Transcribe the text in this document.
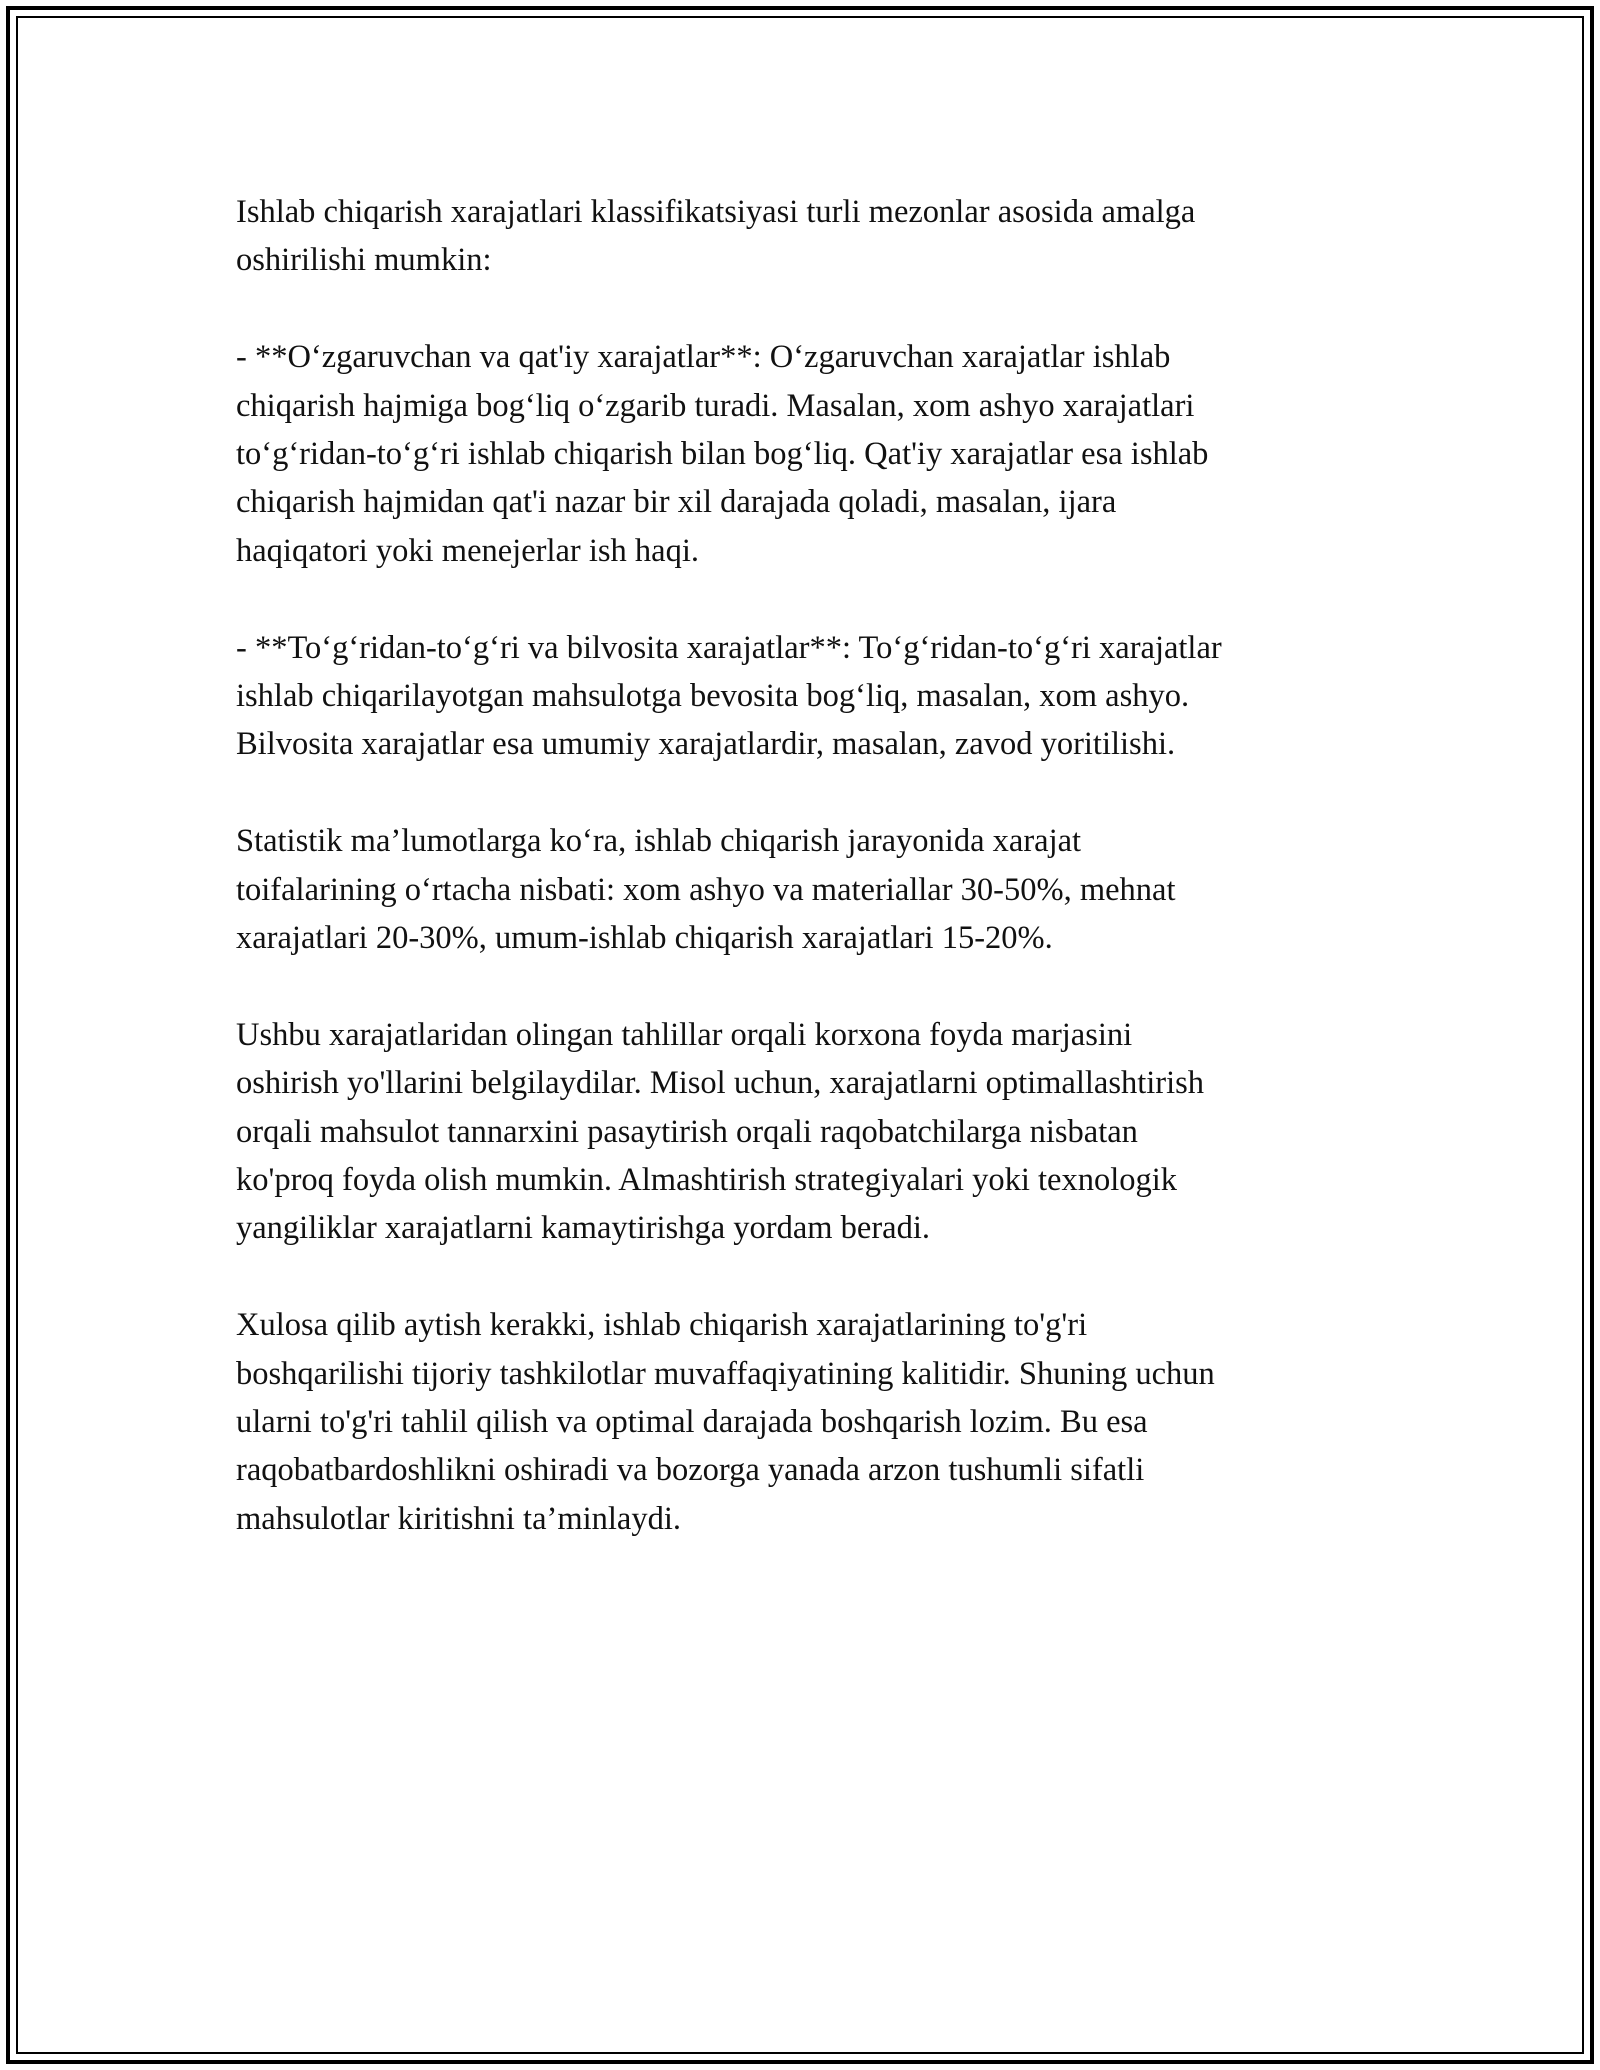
Ishlab chiqarish xarajatlari klassifikatsiyasi turli mezonlar asosida amalga
oshirilishi mumkin:

- **O‘zgaruvchan va qat'iy xarajatlar**: O‘zgaruvchan xarajatlar ishlab
chiqarish hajmiga bog‘liq o‘zgarib turadi. Masalan, xom ashyo xarajatlari
to‘g‘ridan-to‘g‘ri ishlab chiqarish bilan bog‘liq. Qat'iy xarajatlar esa ishlab
chiqarish hajmidan qat'i nazar bir xil darajada qoladi, masalan, ijara
haqiqatori yoki menejerlar ish haqi.

- **To‘g‘ridan-to‘g‘ri va bilvosita xarajatlar**: To‘g‘ridan-to‘g‘ri xarajatlar
ishlab chiqarilayotgan mahsulotga bevosita bog‘liq, masalan, xom ashyo.
Bilvosita xarajatlar esa umumiy xarajatlardir, masalan, zavod yoritilishi.

Statistik ma’lumotlarga ko‘ra, ishlab chiqarish jarayonida xarajat
toifalarining o‘rtacha nisbati: xom ashyo va materiallar 30-50%, mehnat
xarajatlari 20-30%, umum-ishlab chiqarish xarajatlari 15-20%.

Ushbu xarajatlaridan olingan tahlillar orqali korxona foyda marjasini
oshirish yo'llarini belgilaydilar. Misol uchun, xarajatlarni optimallashtirish
orqali mahsulot tannarxini pasaytirish orqali raqobatchilarga nisbatan
ko'proq foyda olish mumkin. Almashtirish strategiyalari yoki texnologik
yangiliklar xarajatlarni kamaytirishga yordam beradi.

Xulosa qilib aytish kerakki, ishlab chiqarish xarajatlarining to'g'ri
boshqarilishi tijoriy tashkilotlar muvaffaqiyatining kalitidir. Shuning uchun
ularni to'g'ri tahlil qilish va optimal darajada boshqarish lozim. Bu esa
raqobatbardoshlikni oshiradi va bozorga yanada arzon tushumli sifatli
mahsulotlar kiritishni ta’minlaydi.
